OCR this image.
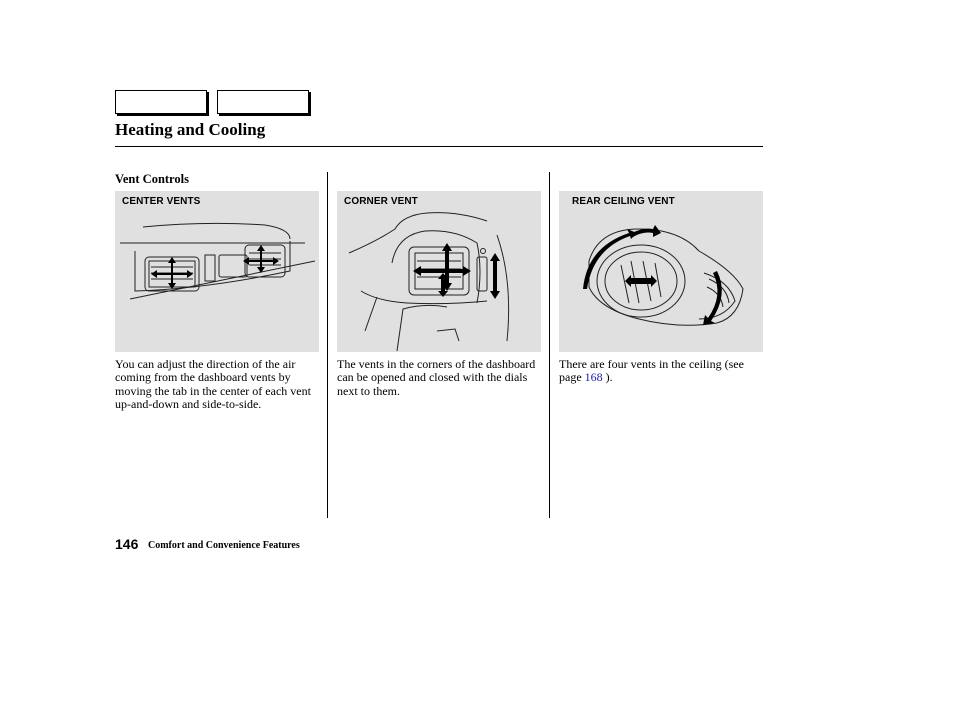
Heating and Cooling
Vent Controls
CENTER VENTS	CORNER VENT	REAR CEILING VENT
You can adjust the direction of the air coming from the dashboard vents by moving the tab in the center of each vent up-and-down and side-to-side.
The vents in the corners of the dashboard can be opened and closed with the dials next to them.
There are four vents in the ceiling (see page 168 ).
146 Comfort and Convenience Features
